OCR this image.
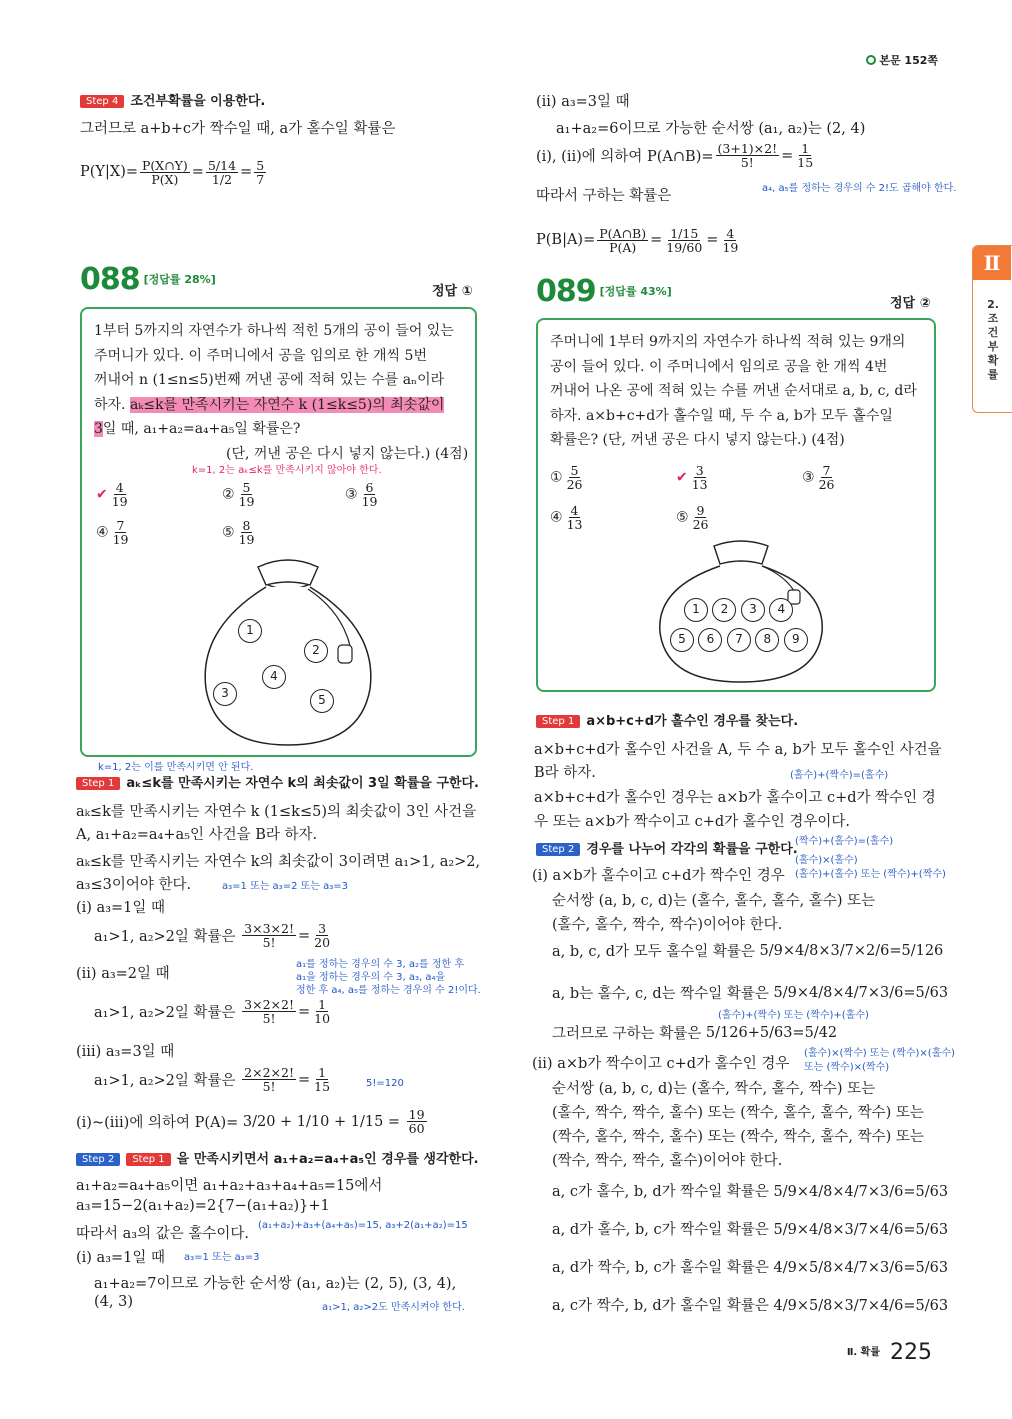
본문 152쪽
Ⅱ
2.조건부확률
Step 4 조건부확률을 이용한다.
그러므로 a+b+c가 짝수일 때, a가 홀수일 확률은
$P(Y|X)= \frac{P(X\cap Y)}{P(X)} = \frac{5/14}{1/2} = \frac{5}{7}$
088 [정답률 28%]
정답 ①
1부터 5까지의 자연수가 하나씩 적힌 5개의 공이 들어 있는
주머니가 있다. 이 주머니에서 공을 임의로 한 개씩 5번
꺼내어 n (1≤n≤5)번째 꺼낸 공에 적혀 있는 수를 aₙ이라
하자. aₖ≤k를 만족시키는 자연수 k (1≤k≤5)의 최솟값이
3일 때, a₁+a₂=a₄+a₅일 확률은?
(단, 꺼낸 공은 다시 넣지 않는다.) (4점)
k=1, 2는 aₖ≤k를 만족시키지 않아야 한다.
✔ $\frac{4}{19}$	② $\frac{5}{19}$	③ $\frac{6}{19}$
④ $\frac{7}{19}$	⑤ $\frac{8}{19}$
1
2
3
4
5
k=1, 2는 이를 만족시키면 안 된다.
Step 1 aₖ≤k를 만족시키는 자연수 k의 최솟값이 3일 확률을 구한다.
aₖ≤k를 만족시키는 자연수 k (1≤k≤5)의 최솟값이 3인 사건을
A, a₁+a₂=a₄+a₅인 사건을 B라 하자.
aₖ≤k를 만족시키는 자연수 k의 최솟값이 3이려면 a₁>1, a₂>2,
a₃≤3이어야 한다.	a₃=1 또는 a₃=2 또는 a₃=3
(ⅰ) a₃=1일 때
a₁>1, a₂>2일 확률은
$\frac{3\times 3\times 2!}{5!} = \frac{3}{20}$
a₁를 정하는 경우의 수 3, a₂를 정한 후
a₁을 정하는 경우의 수 3, a₃, a₄을
정한 후 a₄, a₅를 정하는 경우의 수 2!이다.
(ⅱ) a₃=2일 때
a₁>1, a₂>2일 확률은
$\frac{3\times 2\times 2!}{5!} = \frac{1}{10}$
(ⅲ) a₃=3일 때
a₁>1, a₂>2일 확률은
$\frac{2\times 2\times 2!}{5!} = \frac{1}{15}$	5!=120
(ⅰ)~(ⅲ)에 의하여 P(A)=
3/20 + 1/10 + 1/15 =
$\frac{19}{60}$
Step 2 Step 1 을 만족시키면서 a₁+a₂=a₄+a₅인 경우를 생각한다.
a₁+a₂=a₄+a₅이면 a₁+a₂+a₃+a₄+a₅=15에서
a₃=15−2(a₁+a₂)=2{7−(a₁+a₂)}+1
따라서 a₃의 값은 홀수이다.
(a₁+a₂)+a₃+(a₄+a₅)=15, a₃+2(a₁+a₂)=15
(ⅰ) a₃=1일 때 a₃=1 또는 a₃=3
a₁+a₂=7이므로 가능한 순서쌍 (a₁, a₂)는 (2, 5), (3, 4),
(4, 3)	a₁>1, a₂>2도 만족시켜야 한다.
(ⅱ) a₃=3일 때
a₁+a₂=6이므로 가능한 순서쌍 (a₁, a₂)는 (2, 4)
(ⅰ), (ⅱ)에 의하여 P(A∩B)= $\frac{(3+1)\times 2!}{5!} = \frac{1}{15}$
a₄, a₅를 정하는 경우의 수 2!도 곱해야 한다.
따라서 구하는 확률은
$P(B|A)= \frac{P(A\cap B)}{P(A)} = \frac{1/15}{19/60} = \frac{4}{19}$
089 [정답률 43%]
정답 ②
주머니에 1부터 9까지의 자연수가 하나씩 적혀 있는 9개의
공이 들어 있다. 이 주머니에서 임의로 공을 한 개씩 4번
꺼내어 나온 공에 적혀 있는 수를 꺼낸 순서대로 a, b, c, d라
하자. a×b+c+d가 홀수일 때, 두 수 a, b가 모두 홀수일
확률은? (단, 꺼낸 공은 다시 넣지 않는다.) (4점)
① $\frac{5}{26}$	✔ $\frac{3}{13}$	③ $\frac{7}{26}$
④ $\frac{4}{13}$	⑤ $\frac{9}{26}$
1 2 3 4
5 6 7 8 9
Step 1 a×b+c+d가 홀수인 경우를 찾는다.
a×b+c+d가 홀수인 사건을 A, 두 수 a, b가 모두 홀수인 사건을
B라 하자.	(홀수)+(짝수)=(홀수)
a×b+c+d가 홀수인 경우는 a×b가 홀수이고 c+d가 짝수인 경
우 또는 a×b가 짝수이고 c+d가 홀수인 경우이다.
(짝수)+(홀수)=(홀수)
Step 2 경우를 나누어 각각의 확률을 구한다.
(홀수)×(홀수)
(홀수)+(홀수) 또는 (짝수)+(짝수)
(ⅰ) a×b가 홀수이고 c+d가 짝수인 경우
순서쌍 (a, b, c, d)는 (홀수, 홀수, 홀수, 홀수) 또는
(홀수, 홀수, 짝수, 짝수)이어야 한다.
a, b, c, d가 모두 홀수일 확률은
5/9 × 4/8 × 3/7 × 2/6 = 5/126
a, b는 홀수, c, d는 짝수일 확률은
5/9 × 4/8 × 4/7 × 3/6 = 5/63
(홀수)+(짝수) 또는 (짝수)+(홀수)
그러므로 구하는 확률은
5/126 + 5/63 = 5/42
(홀수)×(짝수) 또는 (짝수)×(홀수)
또는 (짝수)×(짝수)
(ⅱ) a×b가 짝수이고 c+d가 홀수인 경우
순서쌍 (a, b, c, d)는 (홀수, 짝수, 홀수, 짝수) 또는
(홀수, 짝수, 짝수, 홀수) 또는 (짝수, 홀수, 홀수, 짝수) 또는
(짝수, 홀수, 짝수, 홀수) 또는 (짝수, 짝수, 홀수, 짝수) 또는
(짝수, 짝수, 짝수, 홀수)이어야 한다.
a, c가 홀수, b, d가 짝수일 확률은 5/9×4/8×4/7×3/6=5/63
a, d가 홀수, b, c가 짝수일 확률은 5/9×4/8×3/7×4/6=5/63
a, d가 짝수, b, c가 홀수일 확률은 4/9×5/8×4/7×3/6=5/63
a, c가 짝수, b, d가 홀수일 확률은 4/9×5/8×3/7×4/6=5/63
$^{Ⅱ. 확률}$ 225
